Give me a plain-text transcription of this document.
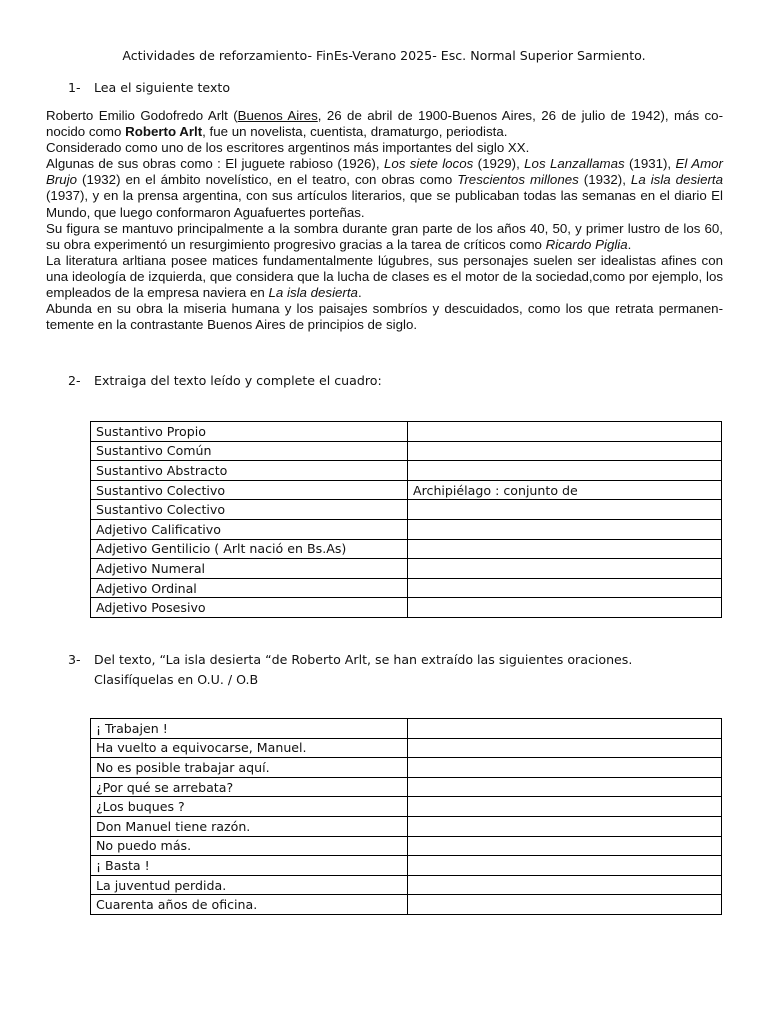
Actividades de reforzamiento- FinEs-Verano 2025- Esc. Normal Superior Sarmiento.
1- Lea el siguiente texto

Roberto Emilio Godofredo Arlt (Buenos Aires, 26 de abril de 1900-Buenos Aires, 26 de julio de 1942), más co-nocido como Roberto Arlt, fue un novelista, cuentista, dramaturgo, periodista.

Considerado como uno de los escritores argentinos más importantes del siglo XX.

Algunas de sus obras como : El juguete rabioso (1926), Los siete locos (1929), Los Lanzallamas (1931), El Amor Brujo (1932) en el ámbito novelístico, en el teatro, con obras como Trescientos millones (1932), La isla desierta (1937), y en la prensa argentina, con sus artículos literarios, que se publicaban todas las semanas en el diario El Mundo, que luego conformaron Aguafuertes porteñas.

Su figura se mantuvo principalmente a la sombra durante gran parte de los años 40, 50, y primer lustro de los 60, su obra experimentó un resurgimiento progresivo gracias a la tarea de críticos como Ricardo Piglia.

La literatura arltiana posee matices fundamentalmente lúgubres, sus personajes suelen ser idealistas afines con una ideología de izquierda, que considera que la lucha de clases es el motor de la sociedad,como por ejemplo, los empleados de la empresa naviera en La isla desierta.

Abunda en su obra la miseria humana y los paisajes sombríos y descuidados, como los que retrata permanen-temente en la contrastante Buenos Aires de principios de siglo.

2- Extraiga del texto leído y complete el cuadro:
Sustantivo Propio	
Sustantivo Común	
Sustantivo Abstracto	
Sustantivo Colectivo	Archipiélago : conjunto de
Sustantivo Colectivo	
Adjetivo Calificativo	
Adjetivo Gentilicio ( Arlt nació en Bs.As)	
Adjetivo Numeral	
Adjetivo Ordinal	
Adjetivo Posesivo	
3- Del texto, “La isla desierta “de Roberto Arlt, se han extraído las siguientes oraciones. Clasifíquelas en O.U. / O.B
¡ Trabajen !	
Ha vuelto a equivocarse, Manuel.	
No es posible trabajar aquí.	
¿Por qué se arrebata?	
¿Los buques ?	
Don Manuel tiene razón.	
No puedo más.	
¡ Basta !	
La juventud perdida.	
Cuarenta años de oficina.	
